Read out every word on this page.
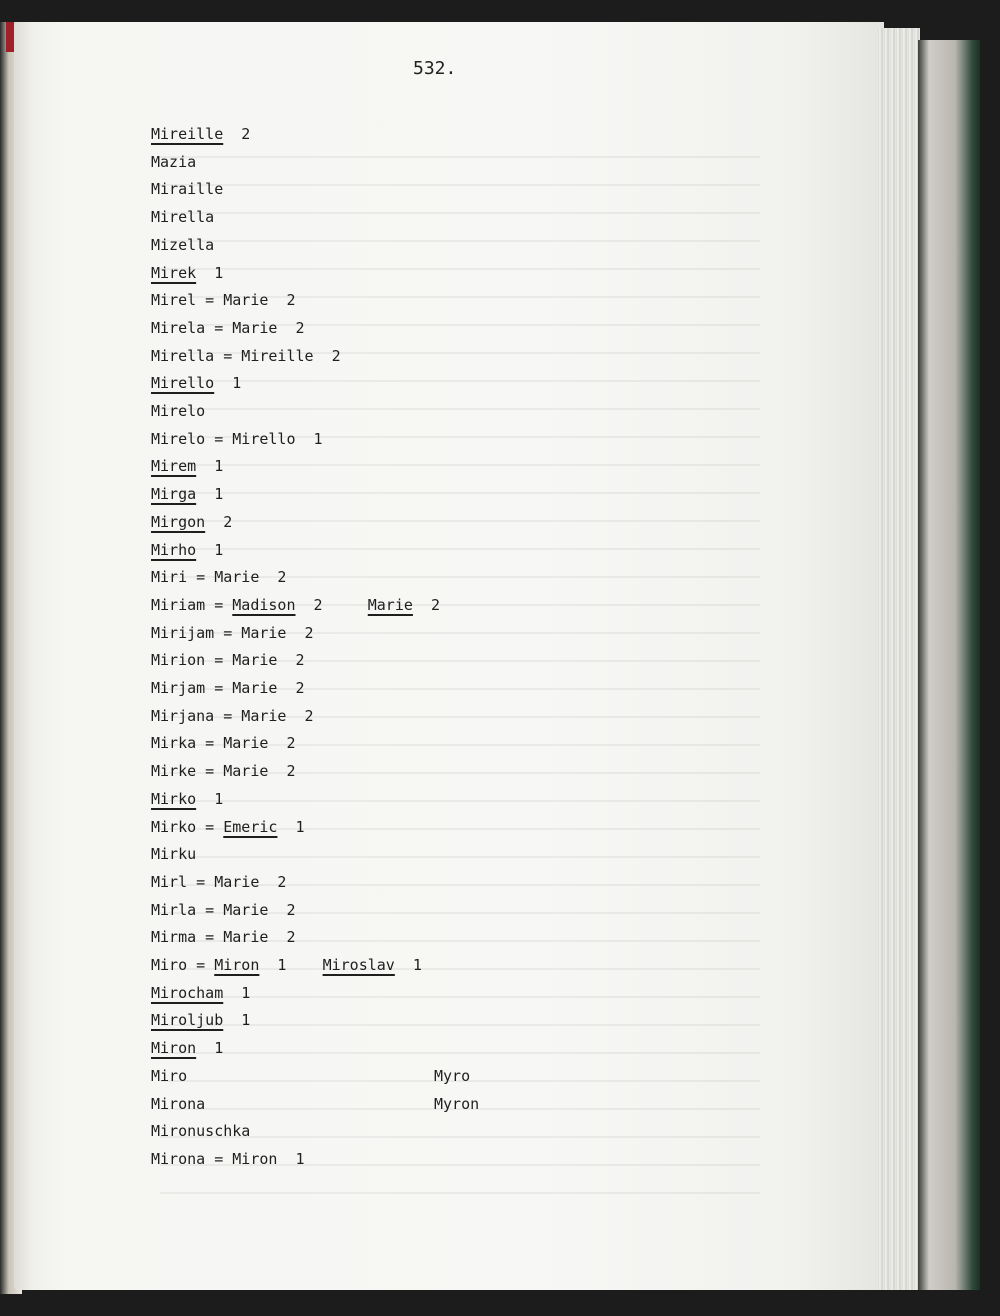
532.
Mireille  2
Mazia
Miraille
Mirella
Mizella
Mirek  1
Mirel = Marie  2
Mirela = Marie  2
Mirella = Mireille  2
Mirello  1
Mirelo
Mirelo = Mirello  1
Mirem  1
Mirga  1
Mirgon  2
Mirho  1
Miri = Marie  2
Miriam = Madison  2     Marie  2
Mirijam = Marie  2
Mirion = Marie  2
Mirjam = Marie  2
Mirjana = Marie  2
Mirka = Marie  2
Mirke = Marie  2
Mirko  1
Mirko = Emeric  1
Mirku
Mirl = Marie  2
Mirla = Marie  2
Mirma = Marie  2
Miro = Miron  1    Miroslav  1
Mirocham  1
Miroljub  1
Miron  1
Miro
Mirona
Mironuschka
Mirona = Miron  1
Myro
Myron
